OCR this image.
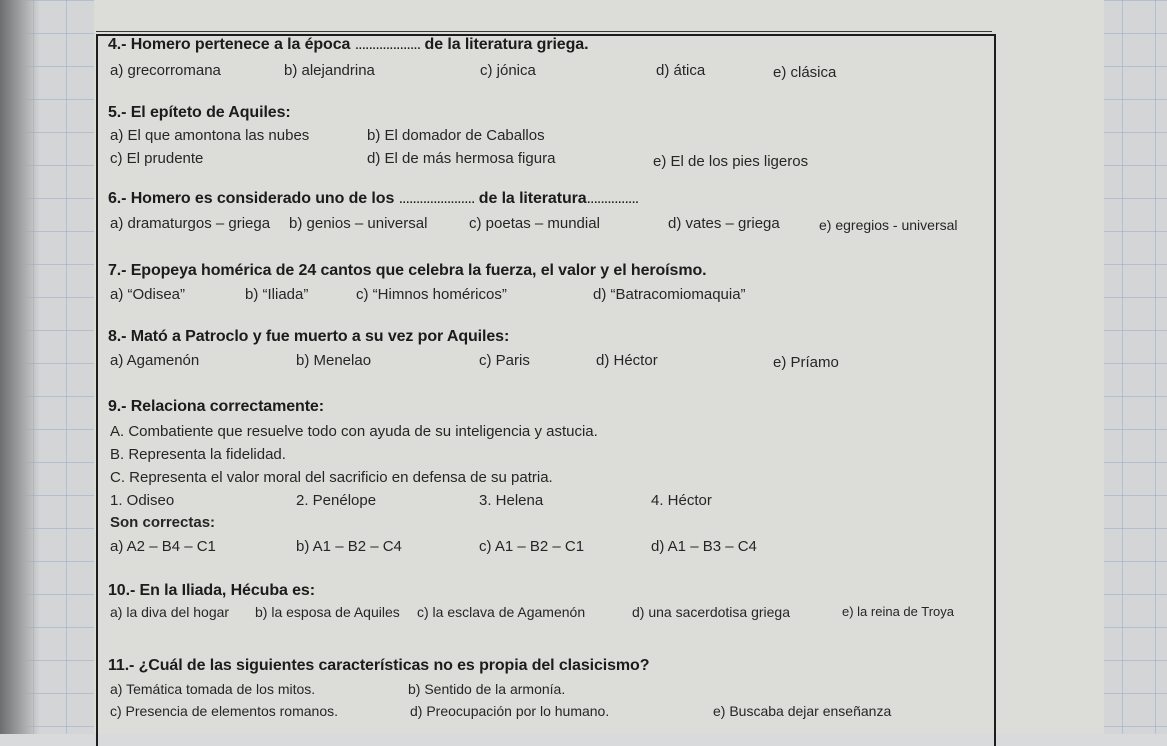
4.- Homero pertenece a la época ................... de la literatura griega.
a) grecorromana	b) alejandrina	c) jónica	d) ática	e) clásica
5.- El epíteto de Aquiles:
a) El que amontona las nubes	b) El domador de Caballos
c) El prudente	d) El de más hermosa figura	e) El de los pies ligeros
6.- Homero es considerado uno de los ...................... de la literatura...............
a) dramaturgos – griega b) genios – universal	c) poetas – mundial	d) vates – griega	e) egregios - universal
7.- Epopeya homérica de 24 cantos que celebra la fuerza, el valor y el heroísmo.
a) “Odisea”	b) “Iliada”	c) “Himnos homéricos”	d) “Batracomiomaquia”
8.- Mató a Patroclo y fue muerto a su vez por Aquiles:
a) Agamenón	b) Menelao	c) Paris	d) Héctor	e) Príamo
9.- Relaciona correctamente:
A. Combatiente que resuelve todo con ayuda de su inteligencia y astucia.
B. Representa la fidelidad.
C. Representa el valor moral del sacrificio en defensa de su patria.
1. Odiseo	2. Penélope	3. Helena	4. Héctor
Son correctas:
a) A2 – B4 – C1	b) A1 – B2 – C4	c) A1 – B2 – C1	d) A1 – B3 – C4
10.- En la Iliada, Hécuba es:
a) la diva del hogar b) la esposa de Aquiles c) la esclava de Agamenón	d) una sacerdotisa griega	e) la reina de Troya
11.- ¿Cuál de las siguientes características no es propia del clasicismo?
a) Temática tomada de los mitos.	b) Sentido de la armonía.
c) Presencia de elementos romanos.	d) Preocupación por lo humano.	e) Buscaba dejar enseñanza
